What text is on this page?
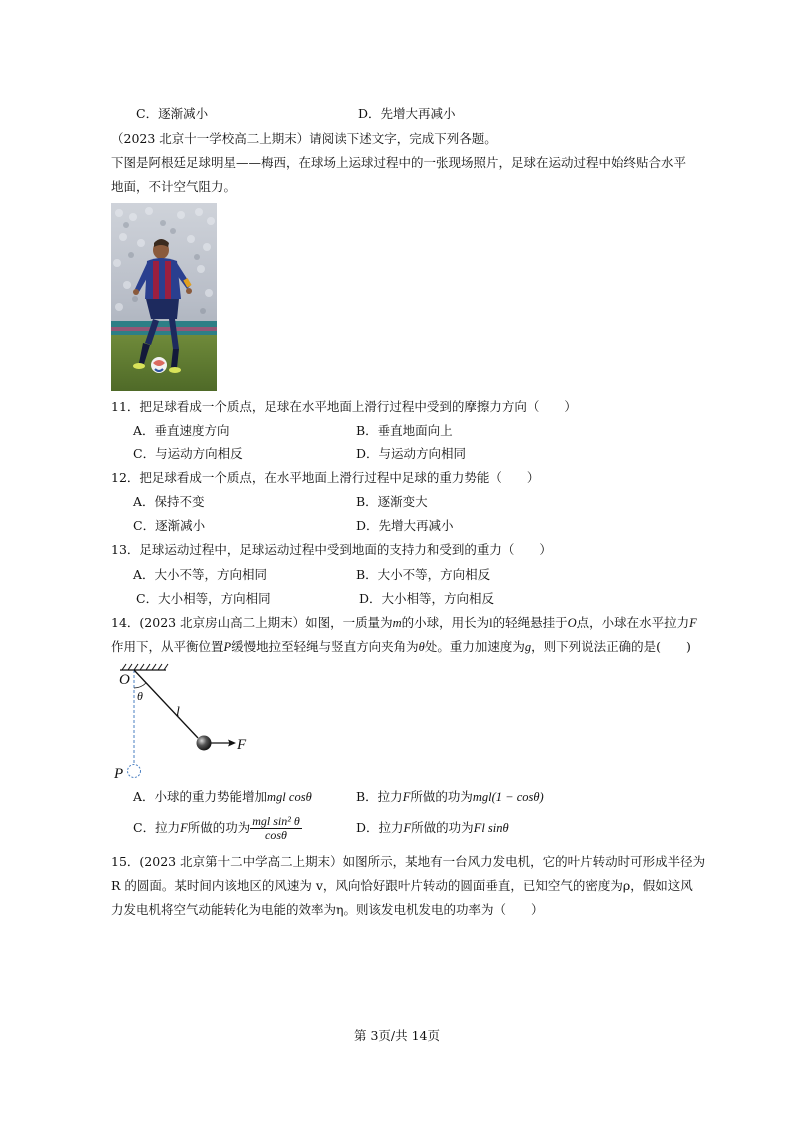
C．逐渐减小	D．先增大再减小
（2023 北京十一学校高二上期末）请阅读下述文字，完成下列各题。
下图是阿根廷足球明星——梅西，在球场上运球过程中的一张现场照片，足球在运动过程中始终贴合水平
地面，不计空气阻力。
11．把足球看成一个质点，足球在水平地面上滑行过程中受到的摩擦力方向（　　）
A．垂直速度方向	B．垂直地面向上
C．与运动方向相反	D．与运动方向相同
12．把足球看成一个质点，在水平地面上滑行过程中足球的重力势能（　　）
A．保持不变	B．逐渐变大
C．逐渐减小	D．先增大再减小
13．足球运动过程中，足球运动过程中受到地面的支持力和受到的重力（　　）
A．大小不等，方向相同	B．大小不等，方向相反
C．大小相等，方向相同	D．大小相等，方向相反
14．(2023 北京房山高二上期末）如图，一质量为m的小球，用长为l的轻绳悬挂于O点，小球在水平拉力F
作用下，从平衡位置P缓慢地拉至轻绳与竖直方向夹角为θ处。重力加速度为g，则下列说法正确的是(　　)
O
θ
l
F
P
A．小球的重力势能增加mgl cosθ	B．拉力F所做的功为mgl(1 − cosθ)
C．拉力F所做的功为 $\frac{\text{mgl sin² θ}}{\cos\theta}$	D．拉力F所做的功为Fl sinθ
15．(2023 北京第十二中学高二上期末）如图所示，某地有一台风力发电机，它的叶片转动时可形成半径为
R 的圆面。某时间内该地区的风速为 v，风向恰好跟叶片转动的圆面垂直，已知空气的密度为ρ，假如这风
力发电机将空气动能转化为电能的效率为η。则该发电机发电的功率为（　　）
第 3页/共 14页
